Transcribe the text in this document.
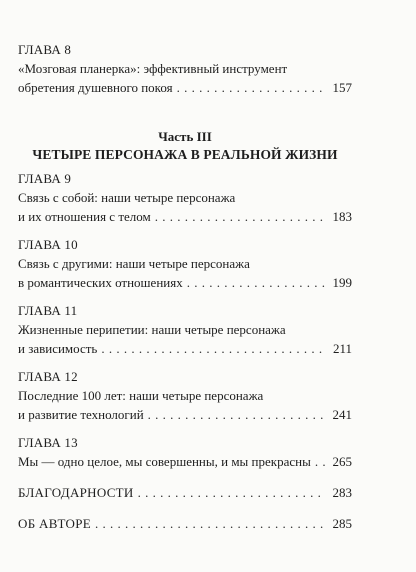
ГЛАВА 8
«Мозговая планерка»: эффективный инструмент
обретения душевного покоя . . .	157
Часть III
ЧЕТЫРЕ ПЕРСОНАЖА В РЕАЛЬНОЙ ЖИЗНИ
ГЛАВА 9
Связь с собой: наши четыре персонажа
и их отношения с телом . . .	183
ГЛАВА 10
Связь с другими: наши четыре персонажа
в романтических отношениях . . .	199
ГЛАВА 11
Жизненные перипетии: наши четыре персонажа
и зависимость . . .	211
ГЛАВА 12
Последние 100 лет: наши четыре персонажа
и развитие технологий . . .	241
ГЛАВА 13
Мы — одно целое, мы совершенны, и мы прекрасны . . . 265
БЛАГОДАРНОСТИ . . .	283
ОБ АВТОРЕ . . .	285
